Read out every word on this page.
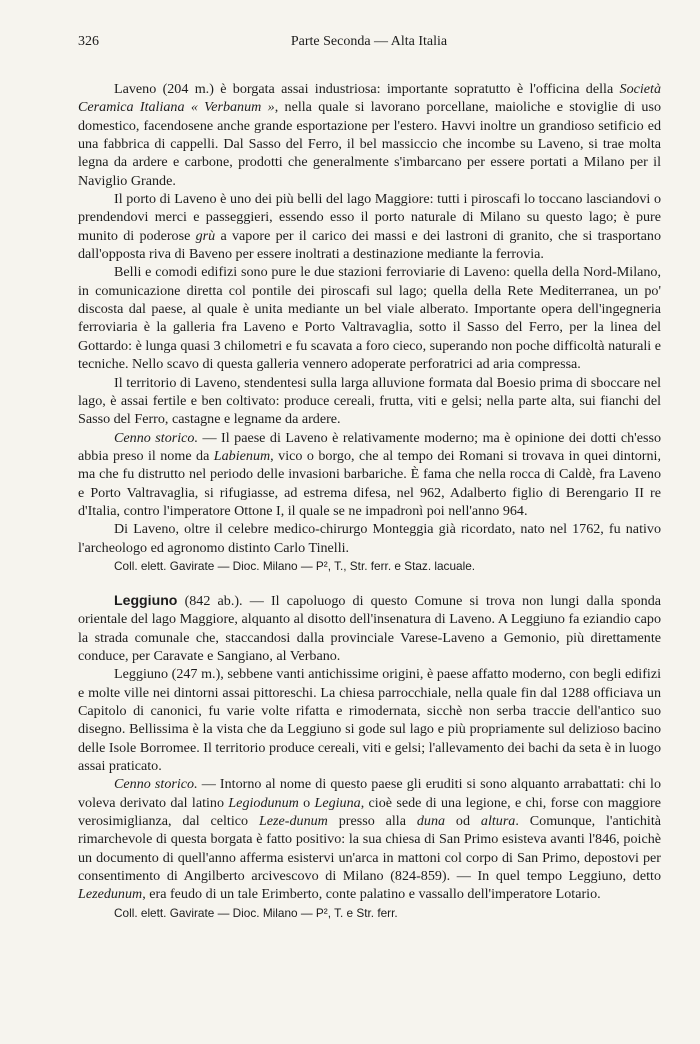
326	Parte Seconda — Alta Italia

Laveno (204 m.) è borgata assai industriosa: importante sopratutto è l'officina della Società Ceramica Italiana « Verbanum », nella quale si lavorano porcellane, maioliche e stoviglie di uso domestico, facendosene anche grande esportazione per l'estero. Havvi inoltre un grandioso setificio ed una fabbrica di cappelli. Dal Sasso del Ferro, il bel massiccio che incombe su Laveno, si trae molta legna da ardere e carbone, prodotti che generalmente s'imbarcano per essere portati a Milano per il Naviglio Grande.

Il porto di Laveno è uno dei più belli del lago Maggiore: tutti i piroscafi lo toccano lasciandovi o prendendovi merci e passeggieri, essendo esso il porto naturale di Milano su questo lago; è pure munito di poderose grù a vapore per il carico dei massi e dei lastroni di granito, che si trasportano dall'opposta riva di Baveno per essere inoltrati a destinazione mediante la ferrovia.

Belli e comodi edifizi sono pure le due stazioni ferroviarie di Laveno: quella della Nord-Milano, in comunicazione diretta col pontile dei piroscafi sul lago; quella della Rete Mediterranea, un po' discosta dal paese, al quale è unita mediante un bel viale alberato. Importante opera dell'ingegneria ferroviaria è la galleria fra Laveno e Porto Valtravaglia, sotto il Sasso del Ferro, per la linea del Gottardo: è lunga quasi 3 chilometri e fu scavata a foro cieco, superando non poche difficoltà naturali e tecniche. Nello scavo di questa galleria vennero adoperate perforatrici ad aria compressa.

Il territorio di Laveno, stendentesi sulla larga alluvione formata dal Boesio prima di sboccare nel lago, è assai fertile e ben coltivato: produce cereali, frutta, viti e gelsi; nella parte alta, sui fianchi del Sasso del Ferro, castagne e legname da ardere.

Cenno storico. — Il paese di Laveno è relativamente moderno; ma è opinione dei dotti ch'esso abbia preso il nome da Labienum, vico o borgo, che al tempo dei Romani si trovava in quei dintorni, ma che fu distrutto nel periodo delle invasioni barbariche. È fama che nella rocca di Caldè, fra Laveno e Porto Valtravaglia, si rifugiasse, ad estrema difesa, nel 962, Adalberto figlio di Berengario II re d'Italia, contro l'imperatore Ottone I, il quale se ne impadronì poi nell'anno 964.

Di Laveno, oltre il celebre medico-chirurgo Monteggia già ricordato, nato nel 1762, fu nativo l'archeologo ed agronomo distinto Carlo Tinelli.

Coll. elett. Gavirate — Dioc. Milano — P², T., Str. ferr. e Staz. lacuale.

Leggiuno (842 ab.). — Il capoluogo di questo Comune si trova non lungi dalla sponda orientale del lago Maggiore, alquanto al disotto dell'insenatura di Laveno. A Leggiuno fa eziandio capo la strada comunale che, staccandosi dalla provinciale Varese-Laveno a Gemonio, più direttamente conduce, per Caravate e Sangiano, al Verbano.

Leggiuno (247 m.), sebbene vanti antichissime origini, è paese affatto moderno, con begli edifizi e molte ville nei dintorni assai pittoreschi. La chiesa parrocchiale, nella quale fin dal 1288 officiava un Capitolo di canonici, fu varie volte rifatta e rimodernata, sicchè non serba traccie dell'antico suo disegno. Bellissima è la vista che da Leggiuno si gode sul lago e più propriamente sul delizioso bacino delle Isole Borromee. Il territorio produce cereali, viti e gelsi; l'allevamento dei bachi da seta è in luogo assai praticato.

Cenno storico. — Intorno al nome di questo paese gli eruditi si sono alquanto arrabattati: chi lo voleva derivato dal latino Legiodunum o Legiuna, cioè sede di una legione, e chi, forse con maggiore verosimiglianza, dal celtico Leze-dunum presso alla duna od altura. Comunque, l'antichità rimarchevole di questa borgata è fatto positivo: la sua chiesa di San Primo esisteva avanti l'846, poichè un documento di quell'anno afferma esistervi un'arca in mattoni col corpo di San Primo, depostovi per consentimento di Angilberto arcivescovo di Milano (824-859). — In quel tempo Leggiuno, detto Lezedunum, era feudo di un tale Erimberto, conte palatino e vassallo dell'imperatore Lotario.

Coll. elett. Gavirate — Dioc. Milano — P², T. e Str. ferr.
